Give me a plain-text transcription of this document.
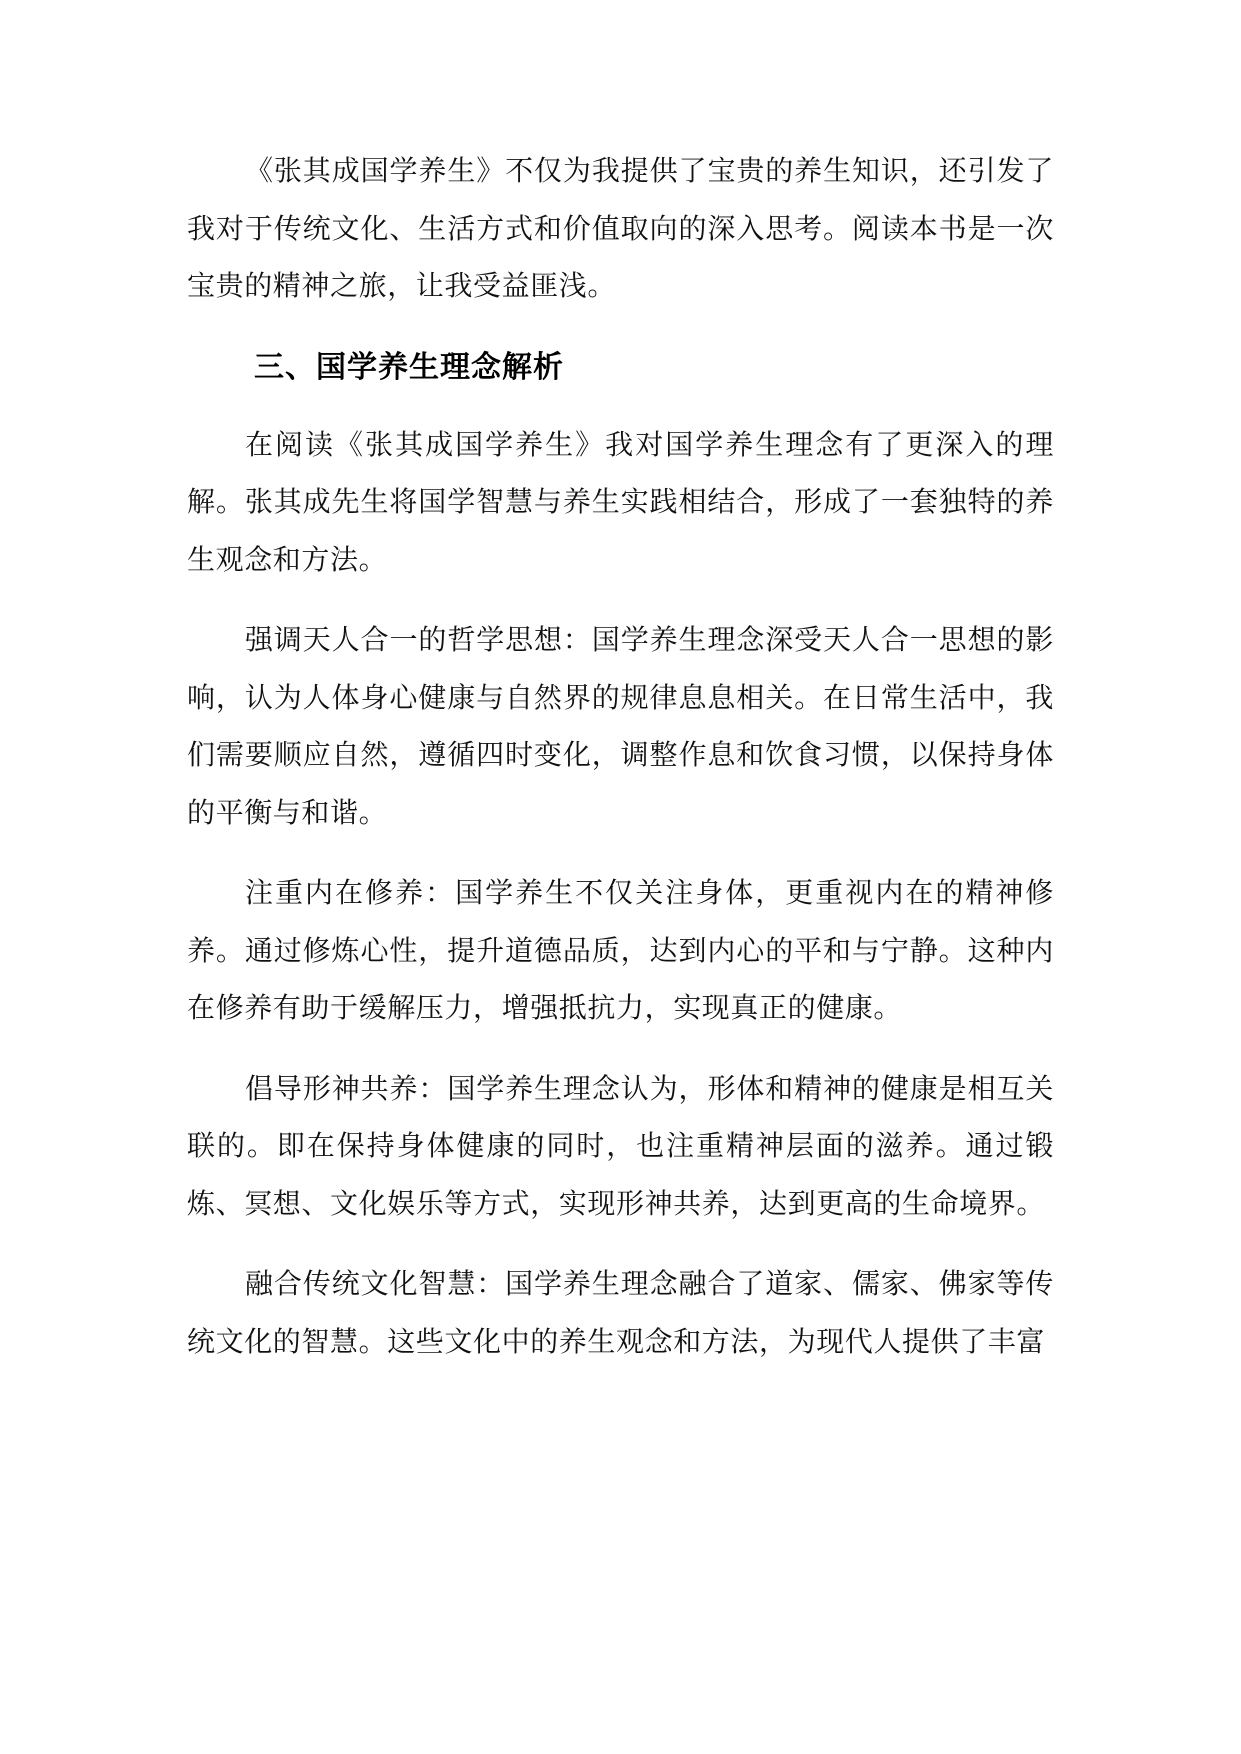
《张其成国学养生》不仅为我提供了宝贵的养生知识，还引发了我对于传统文化、生活方式和价值取向的深入思考。阅读本书是一次宝贵的精神之旅，让我受益匪浅。

三、国学养生理念解析

在阅读《张其成国学养生》我对国学养生理念有了更深入的理解。张其成先生将国学智慧与养生实践相结合，形成了一套独特的养生观念和方法。

强调天人合一的哲学思想：国学养生理念深受天人合一思想的影响，认为人体身心健康与自然界的规律息息相关。在日常生活中，我们需要顺应自然，遵循四时变化，调整作息和饮食习惯，以保持身体的平衡与和谐。

注重内在修养：国学养生不仅关注身体，更重视内在的精神修养。通过修炼心性，提升道德品质，达到内心的平和与宁静。这种内在修养有助于缓解压力，增强抵抗力，实现真正的健康。

倡导形神共养：国学养生理念认为，形体和精神的健康是相互关联的。即在保持身体健康的同时，也注重精神层面的滋养。通过锻炼、冥想、文化娱乐等方式，实现形神共养，达到更高的生命境界。

融合传统文化智慧：国学养生理念融合了道家、儒家、佛家等传统文化的智慧。这些文化中的养生观念和方法，为现代人提供了丰富
